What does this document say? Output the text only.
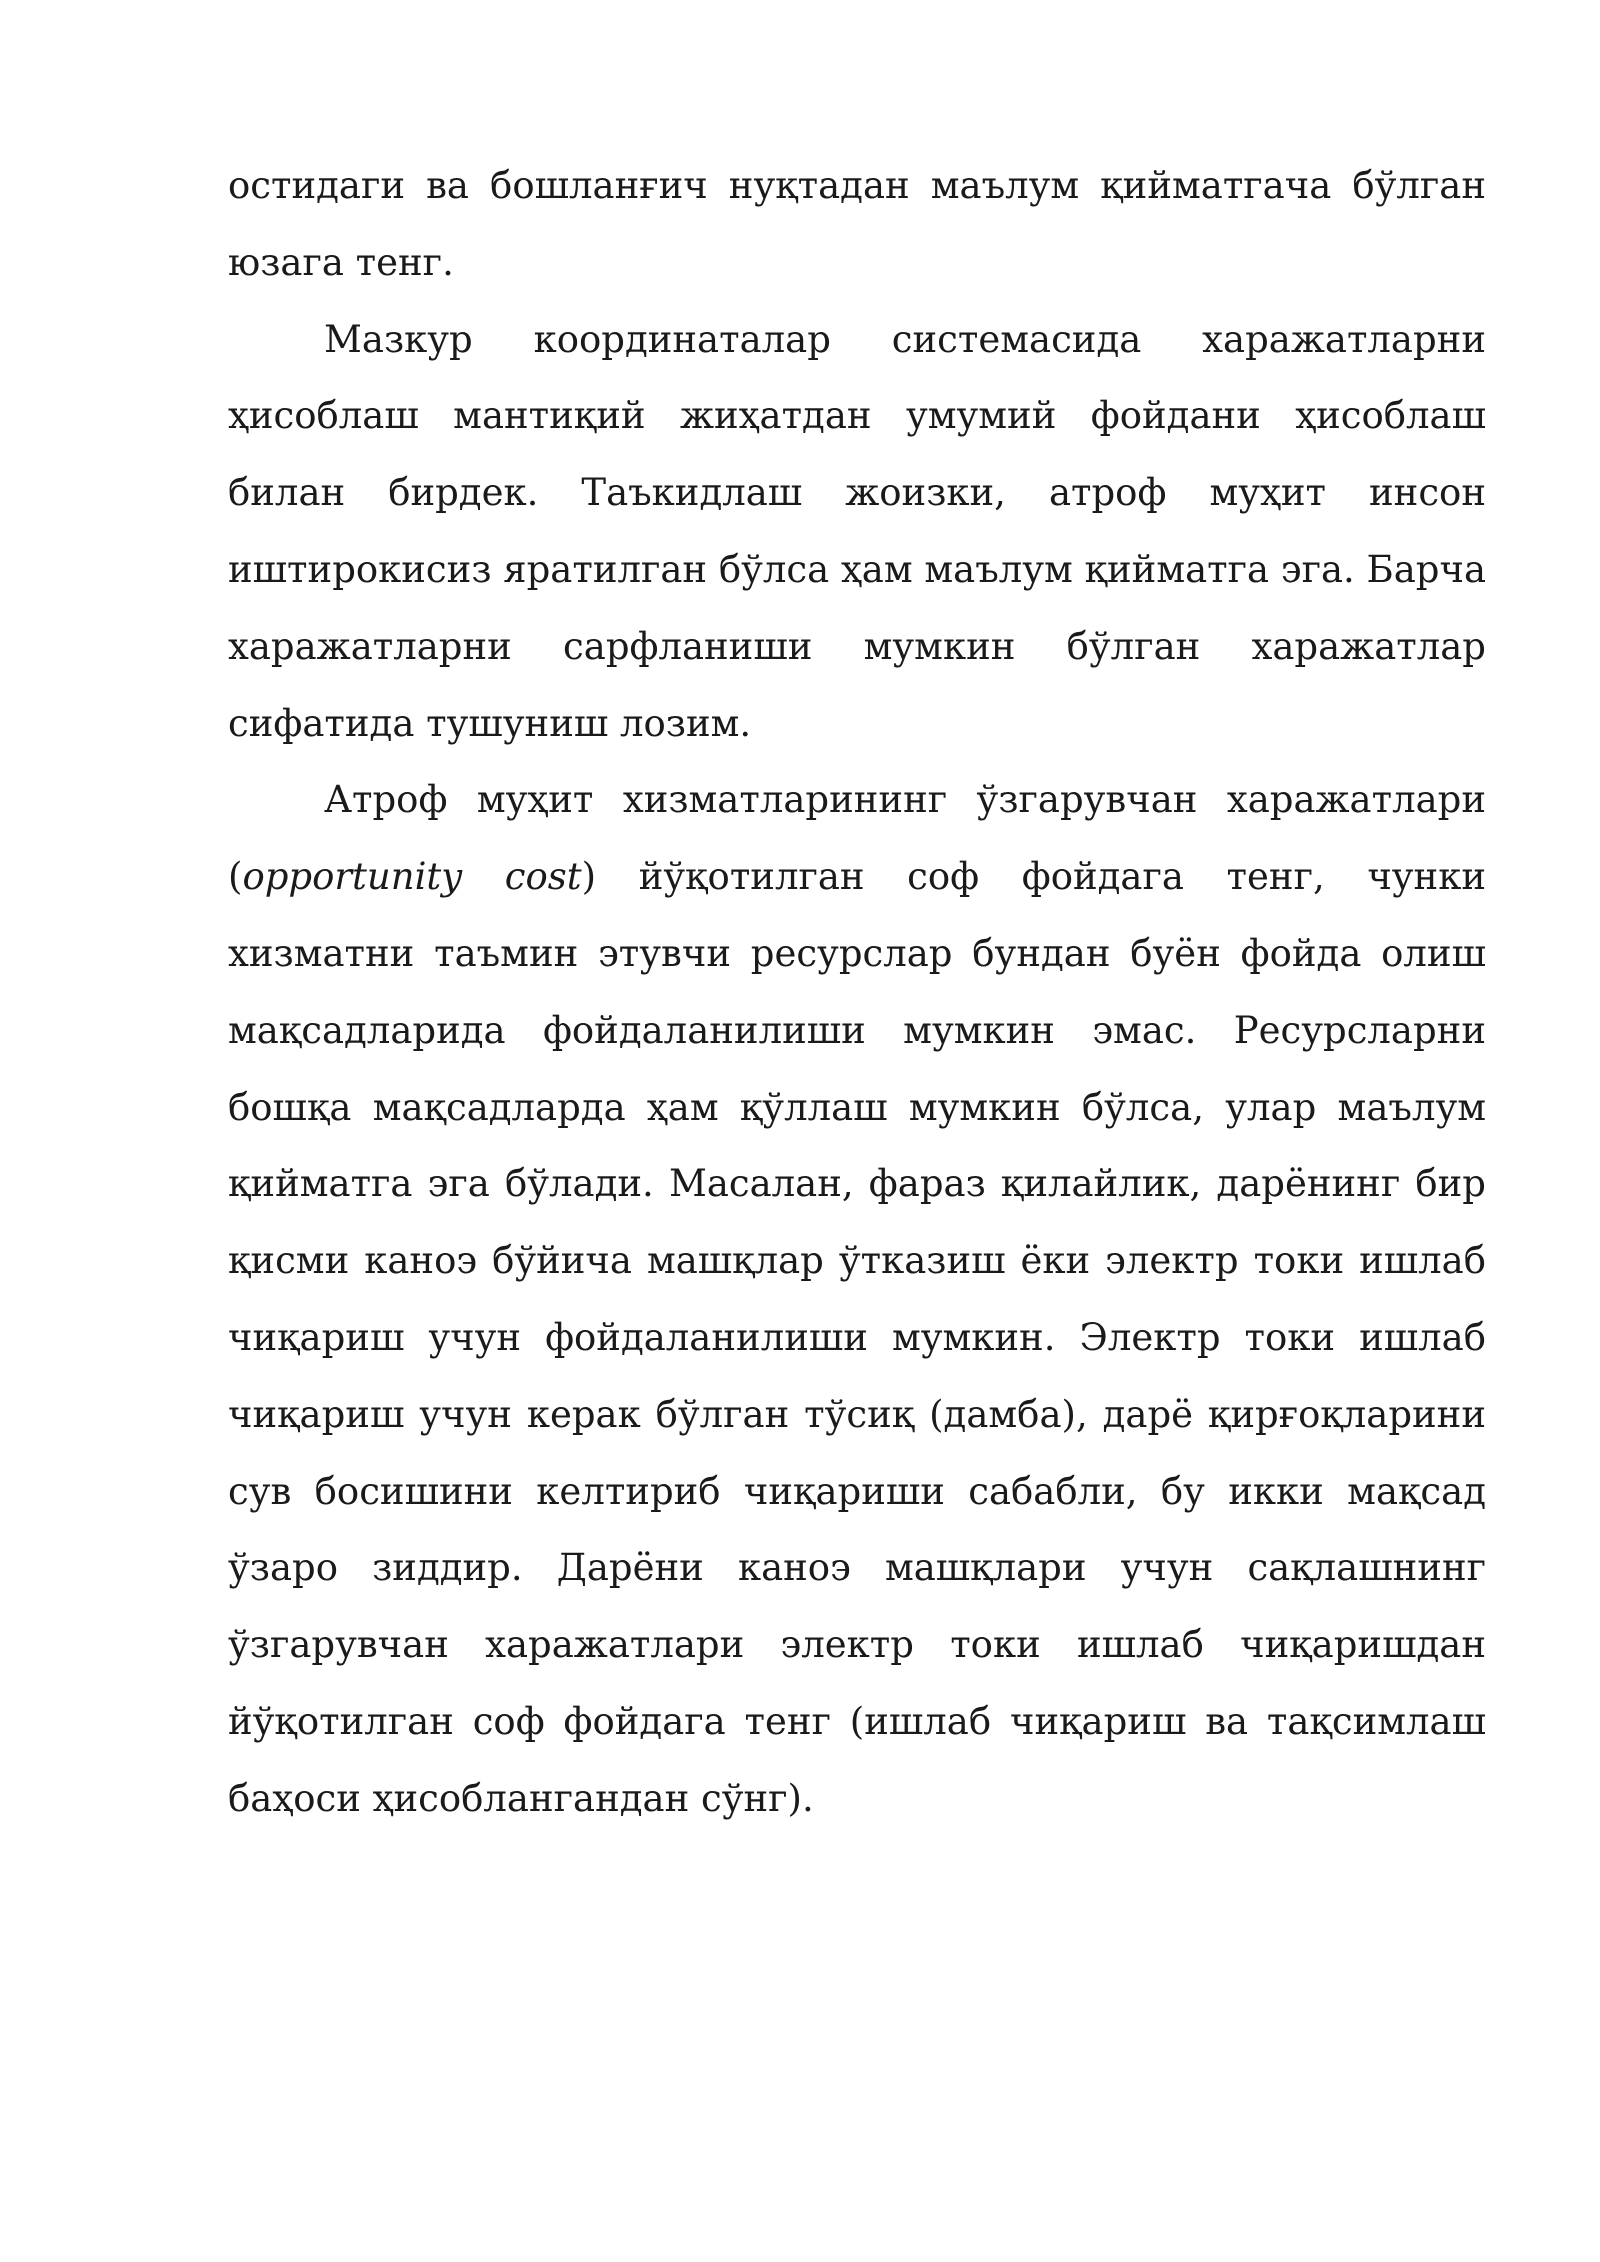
остидаги ва бошланғич нуқтадан маълум қийматгача бўлган юзага тенг.

Мазкур координаталар системасида харажатларни ҳисоблаш мантиқий жиҳатдан умумий фойдани ҳисоблаш билан бирдек. Таъкидлаш жоизки, атроф муҳит инсон иштирокисиз яратилган бўлса ҳам маълум қийматга эга. Барча харажатларни сарфланиши мумкин бўлган харажатлар сифатида тушуниш лозим.

Атроф муҳит хизматларининг ўзгарувчан харажатлари (opportunity cost) йўқотилган соф фойдага тенг, чунки хизматни таъмин этувчи ресурслар бундан буён фойда олиш мақсадларида фойдаланилиши мумкин эмас. Ресурсларни бошқа мақсадларда ҳам қўллаш мумкин бўлса, улар маълум қийматга эга бўлади. Масалан, фараз қилайлик, дарёнинг бир қисми каноэ бўйича машқлар ўтказиш ёки электр токи ишлаб чиқариш учун фойдаланилиши мумкин. Электр токи ишлаб чиқариш учун керак бўлган тўсиқ (дамба), дарё қирғоқларини сув босишини келтириб чиқариши сабабли, бу икки мақсад ўзаро зиддир. Дарёни каноэ машқлари учун сақлашнинг ўзгарувчан харажатлари электр токи ишлаб чиқаришдан йўқотилган соф фойдага тенг (ишлаб чиқариш ва тақсимлаш баҳоси ҳисоблангандан сўнг).
